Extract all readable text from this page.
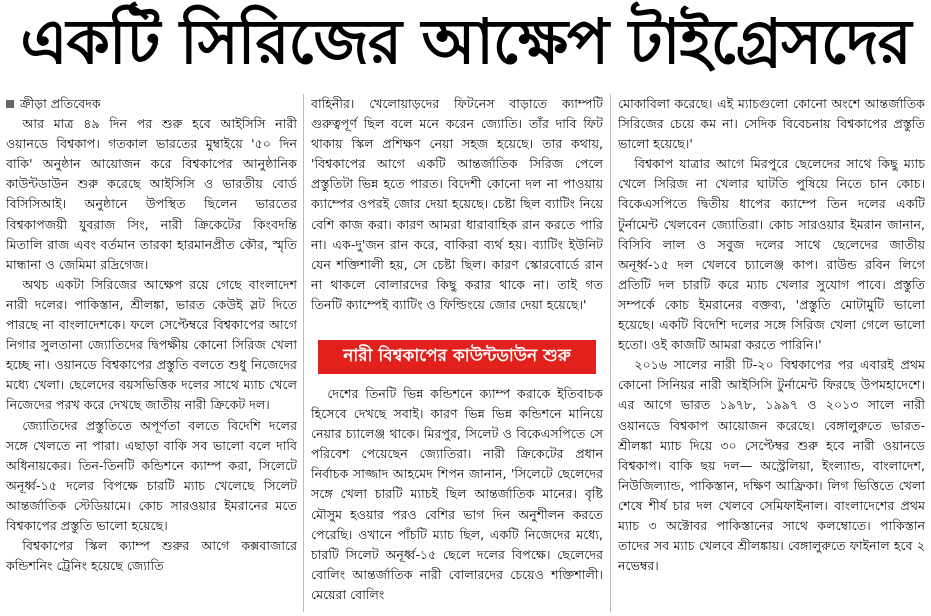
একটি সিরিজের আক্ষেপ টাইগ্রেসদের
ক্রীড়া প্রতিবেদক

আর মাত্র ৪৯ দিন পর শুরু হবে আইসিসি নারী ওয়ানডে বিশ্বকাপ। গতকাল ভারতের মুম্বাইয়ে '৫০ দিন বাকি' অনুষ্ঠান আয়োজন করে বিশ্বকাপের আনুষ্ঠানিক কাউন্টডাউন শুরু করেছে আইসিসি ও ভারতীয় বোর্ড বিসিসিআই। অনুষ্ঠানে উপস্থিত ছিলেন ভারতের বিশ্বকাপজয়ী যুবরাজ সিং, নারী ক্রিকেটের কিংবদন্তি মিতালি রাজ এবং বর্তমান তারকা হারমানপ্রীত কৌর, স্মৃতি মান্ধানা ও জেমিমা রদ্রিগেজ।

অথচ একটা সিরিজের আক্ষেপ রয়ে গেছে বাংলাদেশ নারী দলের। পাকিস্তান, শ্রীলঙ্কা, ভারত কেউই স্লট দিতে পারছে না বাংলাদেশকে। ফলে সেপ্টেম্বরে বিশ্বকাপের আগে নিগার সুলতানা জ্যোতিদের দ্বিপক্ষীয় কোনো সিরিজ খেলা হচ্ছে না। ওয়ানডে বিশ্বকাপের প্রস্তুতি বলতে শুধু নিজেদের মধ্যে খেলা। ছেলেদের বয়সভিত্তিক দলের সাথে ম্যাচ খেলে নিজেদের পরখ করে দেখছে জাতীয় নারী ক্রিকেট দল।

জ্যোতিদের প্রস্তুতিতে অপূর্ণতা বলতে বিদেশি দলের সঙ্গে খেলতে না পারা। এছাড়া বাকি সব ভালো বলে দাবি অধিনায়কের। তিন-তিনটি কন্ডিশনে ক্যাম্প করা, সিলেটে অনূর্ধ্ব-১৫ দলের বিপক্ষে চারটি ম্যাচ খেলেছে সিলেট আন্তর্জাতিক স্টেডিয়ামে। কোচ সারওয়ার ইমরানের মতে বিশ্বকাপের প্রস্তুতি ভালো হয়েছে।

বিশ্বকাপের স্কিল ক্যাম্প শুরুর আগে কক্সবাজারে কন্ডিশনিং ট্রেনিং হয়েছে জ্যোতি

বাহিনীর। খেলোয়াড়দের ফিটনেস বাড়াতে ক্যাম্পটি গুরুত্বপূর্ণ ছিল বলে মনে করেন জ্যোতি। তাঁর দাবি ফিট থাকায় স্কিল প্রশিক্ষণ নেয়া সহজ হয়েছে। তার কথায়, 'বিশ্বকাপের আগে একটি আন্তর্জাতিক সিরিজ পেলে প্রস্তুতিটা ভিন্ন হতে পারত। বিদেশী কোনো দল না পাওয়ায় ক্যাম্পের ওপরই জোর দেয়া হয়েছে। চেষ্টা ছিল ব্যাটিং নিয়ে বেশি কাজ করা। কারণ আমরা ধারাবাহিক রান করতে পারি না। এক-দু'জন রান করে, বাকিরা ব্যর্থ হয়। ব্যাটিং ইউনিট যেন শক্তিশালী হয়, সে চেষ্টা ছিল। কারণ স্কোরবোর্ডে রান না থাকলে বোলারদের কিছু করার থাকে না। তাই গত তিনটি ক্যাম্পেই ব্যাটিং ও ফিল্ডিংয়ে জোর দেয়া হয়েছে।'

নারী বিশ্বকাপের কাউন্টডাউন শুরু

দেশের তিনটি ভিন্ন কন্ডিশনে ক্যাম্প করাকে ইতিবাচক হিসেবে দেখছে সবাই। কারণ ভিন্ন ভিন্ন কন্ডিশনে মানিয়ে নেয়ার চ্যালেঞ্জ থাকে। মিরপুর, সিলেট ও বিকেএসপিতে সে পরিবেশ পেয়েছেন জ্যোতিরা। নারী ক্রিকেটের প্রধান নির্বাচক সাজ্জাদ আহমেদ শিপন জানান, 'সিলেটে ছেলেদের সঙ্গে খেলা চারটি ম্যাচই ছিল আন্তর্জাতিক মানের। বৃষ্টি মৌসুম হওয়ার পরও বেশির ভাগ দিন অনুশীলন করতে পেরেছি। ওখানে পাঁচটি ম্যাচ ছিল, একটি নিজেদের মধ্যে, চারটি সিলেট অনূর্ধ্ব-১৫ ছেলে দলের বিপক্ষে। ছেলেদের বোলিং আন্তর্জাতিক নারী বোলারদের চেয়েও শক্তিশালী। মেয়েরা বোলিং

মোকাবিলা করেছে। এই ম্যাচগুলো কোনো অংশে আন্তর্জাতিক সিরিজের চেয়ে কম না। সেদিক বিবেচনায় বিশ্বকাপের প্রস্তুতি ভালো হয়েছে।'

বিশ্বকাপ যাত্রার আগে মিরপুরে ছেলেদের সাথে কিছু ম্যাচ খেলে সিরিজ না খেলার ঘাটতি পুষিয়ে নিতে চান কোচ। বিকেএসপিতে দ্বিতীয় ধাপের ক্যাম্পে তিন দলের একটি টুর্নামেন্ট খেলবেন জ্যোতিরা। কোচ সারওয়ার ইমরান জানান, বিসিবি লাল ও সবুজ দলের সাথে ছেলেদের জাতীয় অনূর্ধ্ব-১৫ দল খেলবে চ্যালেঞ্জ কাপ। রাউন্ড রবিন লিগে প্রতিটি দল চারটি করে ম্যাচ খেলার সুযোগ পাবে। প্রস্তুতি সম্পর্কে কোচ ইমরানের বক্তব্য, 'প্রস্তুতি মোটামুটি ভালো হয়েছে। একটি বিদেশি দলের সঙ্গে সিরিজ খেলা গেলে ভালো হতো। ওই কাজটি আমরা করতে পারিনি।'

২০১৬ সালের নারী টি-২০ বিশ্বকাপের পর এবারই প্রথম কোনো সিনিয়র নারী আইসিসি টুর্নামেন্ট ফিরছে উপমহাদেশে। এর আগে ভারত ১৯৭৮, ১৯৯৭ ও ২০১৩ সালে নারী ওয়ানডে বিশ্বকাপ আয়োজন করেছে। বেঙ্গালুরুতে ভারত-শ্রীলঙ্কা ম্যাচ দিয়ে ৩০ সেপ্টেম্বর শুরু হবে নারী ওয়ানডে বিশ্বকাপ। বাকি ছয় দল— অস্ট্রেলিয়া, ইংল্যান্ড, বাংলাদেশ, নিউজিল্যান্ড, পাকিস্তান, দক্ষিণ আফ্রিকা। লিগ ভিত্তিতে খেলা শেষে শীর্ষ চার দল খেলবে সেমিফাইনাল। বাংলাদেশের প্রথম ম্যাচ ৩ অক্টোবর পাকিস্তানের সাথে কলম্বোতে। পাকিস্তান তাদের সব ম্যাচ খেলবে শ্রীলঙ্কায়। বেঙ্গালুরুতে ফাইনাল হবে ২ নভেম্বর।
